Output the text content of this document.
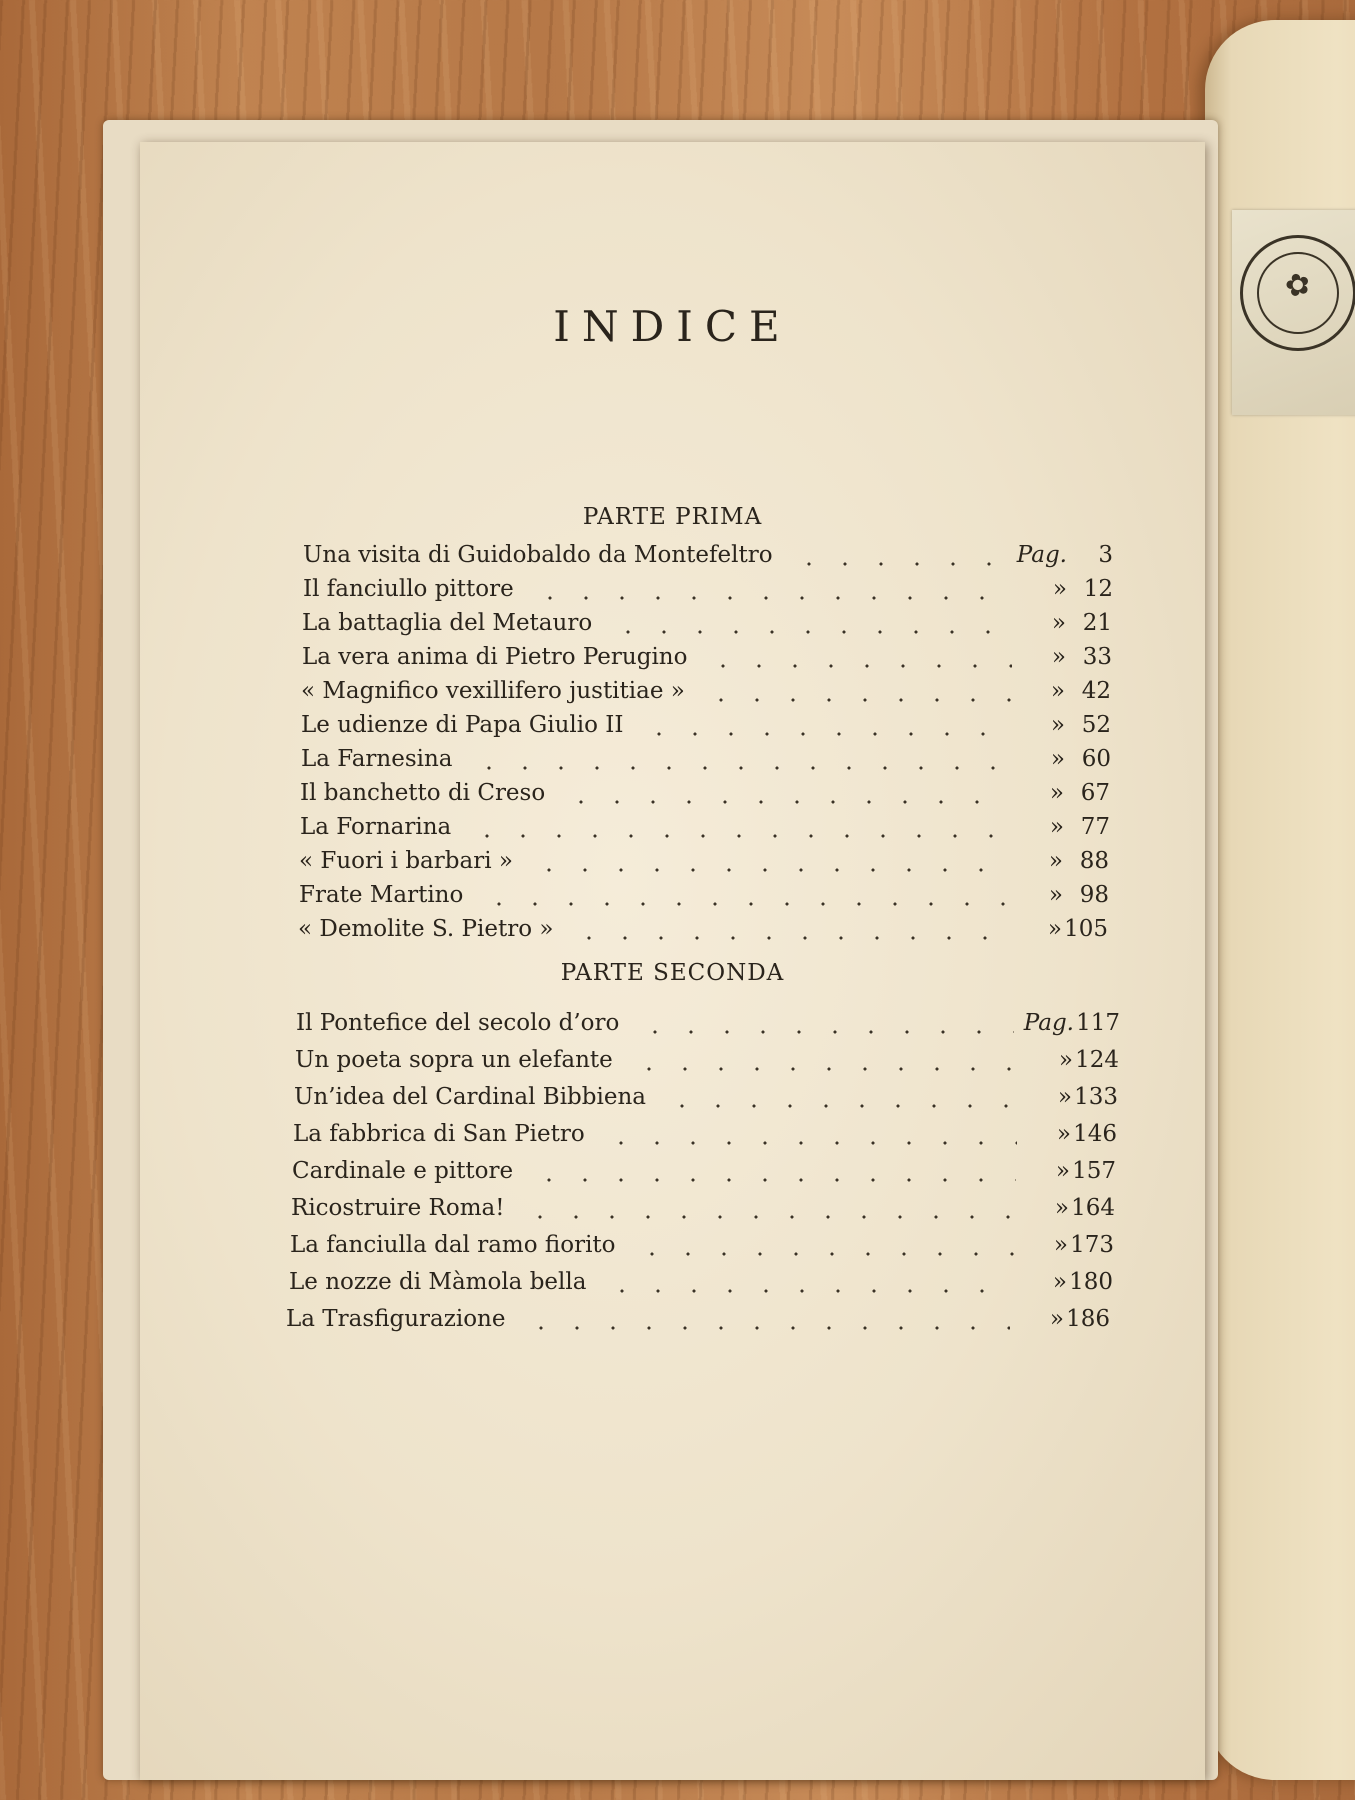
✿
INDICE
PARTE PRIMA
Una visita di Guidobaldo da Montefeltro	Pag.	3
Il fanciullo pittore	» 12
La battaglia del Metauro	» 21
La vera anima di Pietro Perugino	» 33
« Magnifico vexillifero justitiae »	» 42
Le udienze di Papa Giulio II	» 52
La Farnesina	» 60
Il banchetto di Creso	» 67
La Fornarina	» 77
« Fuori i barbari »	» 88
Frate Martino	» 98
« Demolite S. Pietro »	» 105
PARTE SECONDA
Il Pontefice del secolo d’oro	Pag. 117
Un poeta sopra un elefante	» 124
Un’idea del Cardinal Bibbiena	» 133
La fabbrica di San Pietro	» 146
Cardinale e pittore	» 157
Ricostruire Roma!	» 164
La fanciulla dal ramo fiorito	» 173
Le nozze di Màmola bella	» 180
La Trasfigurazione	» 186
